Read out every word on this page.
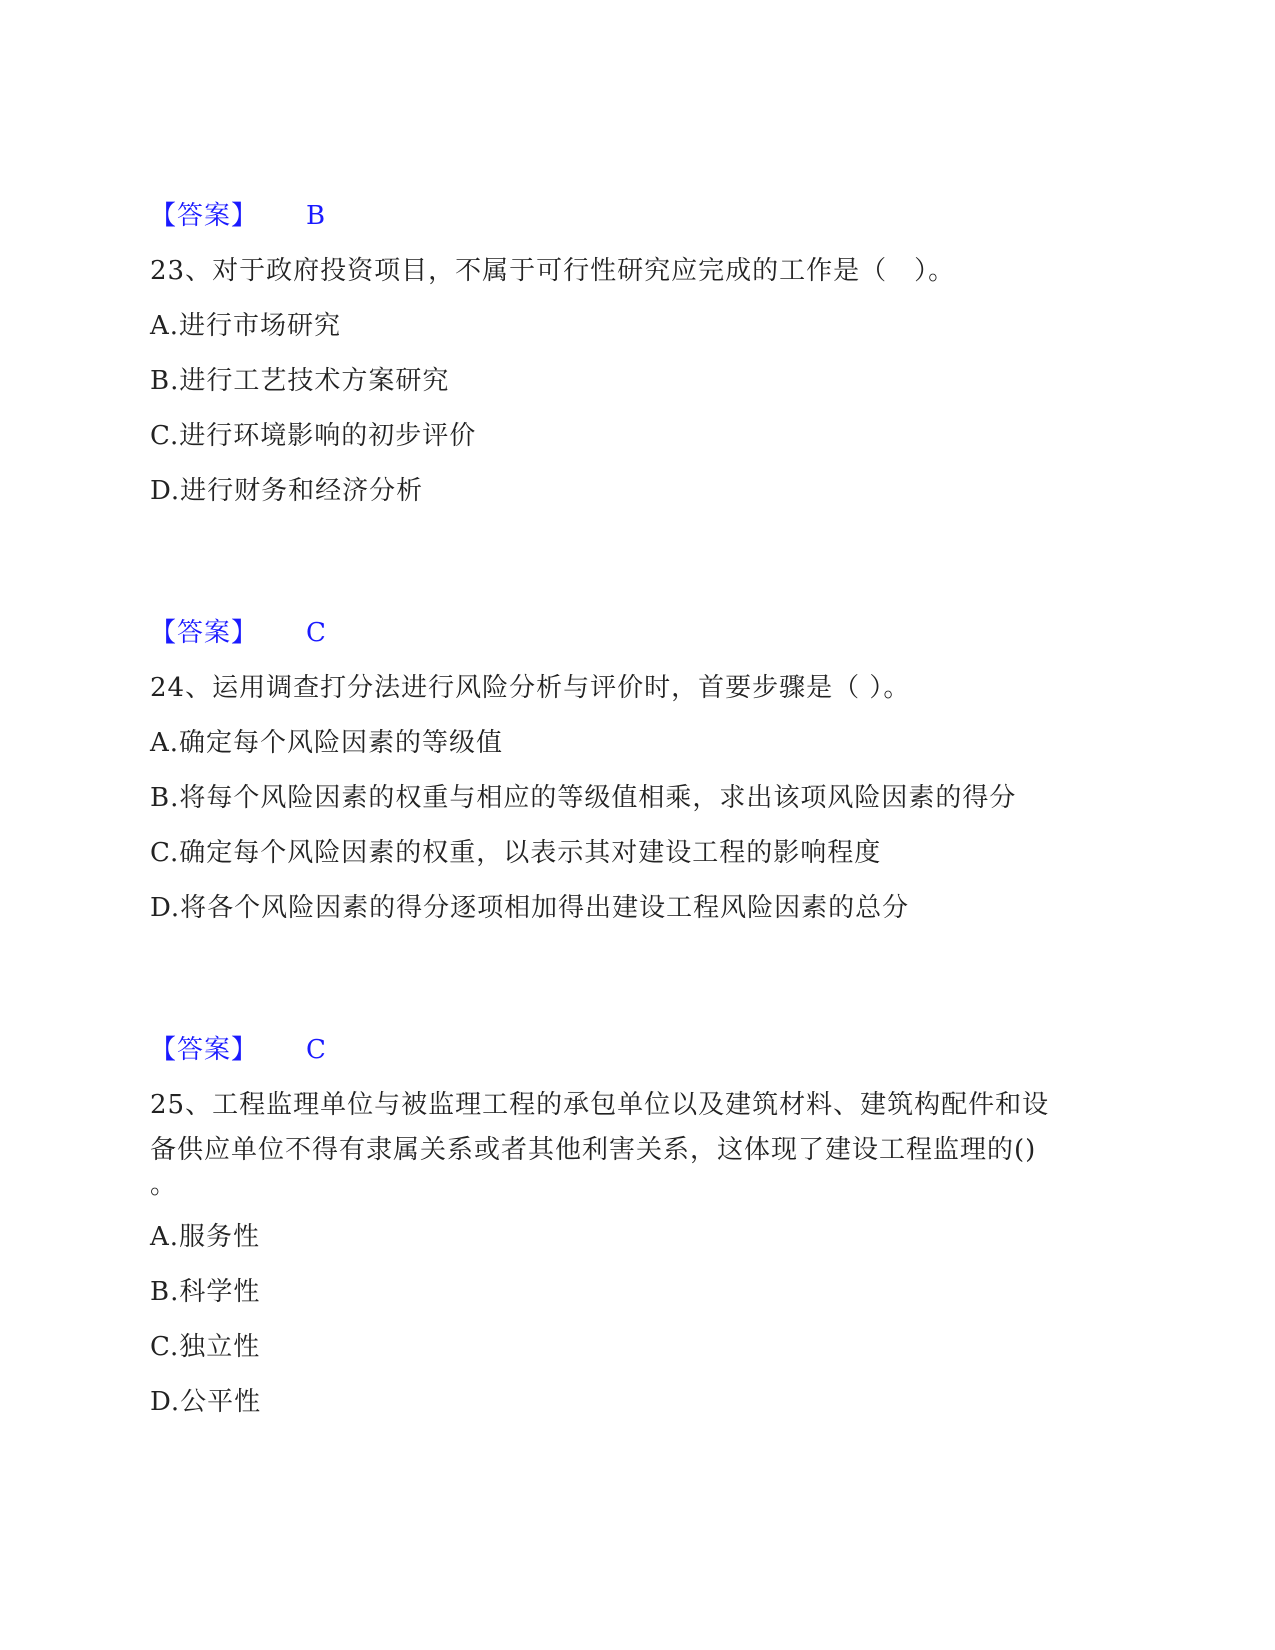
【答案】 B
23、对于政府投资项目，不属于可行性研究应完成的工作是（　）。
A.进行市场研究
B.进行工艺技术方案研究
C.进行环境影响的初步评价
D.进行财务和经济分析
【答案】 C
24、运用调查打分法进行风险分析与评价时，首要步骤是（ ）。
A.确定每个风险因素的等级值
B.将每个风险因素的权重与相应的等级值相乘，求出该项风险因素的得分
C.确定每个风险因素的权重，以表示其对建设工程的影响程度
D.将各个风险因素的得分逐项相加得出建设工程风险因素的总分
【答案】 C
25、工程监理单位与被监理工程的承包单位以及建筑材料、建筑构配件和设
备供应单位不得有隶属关系或者其他利害关系，这体现了建设工程监理的()
。
A.服务性
B.科学性
C.独立性
D.公平性
